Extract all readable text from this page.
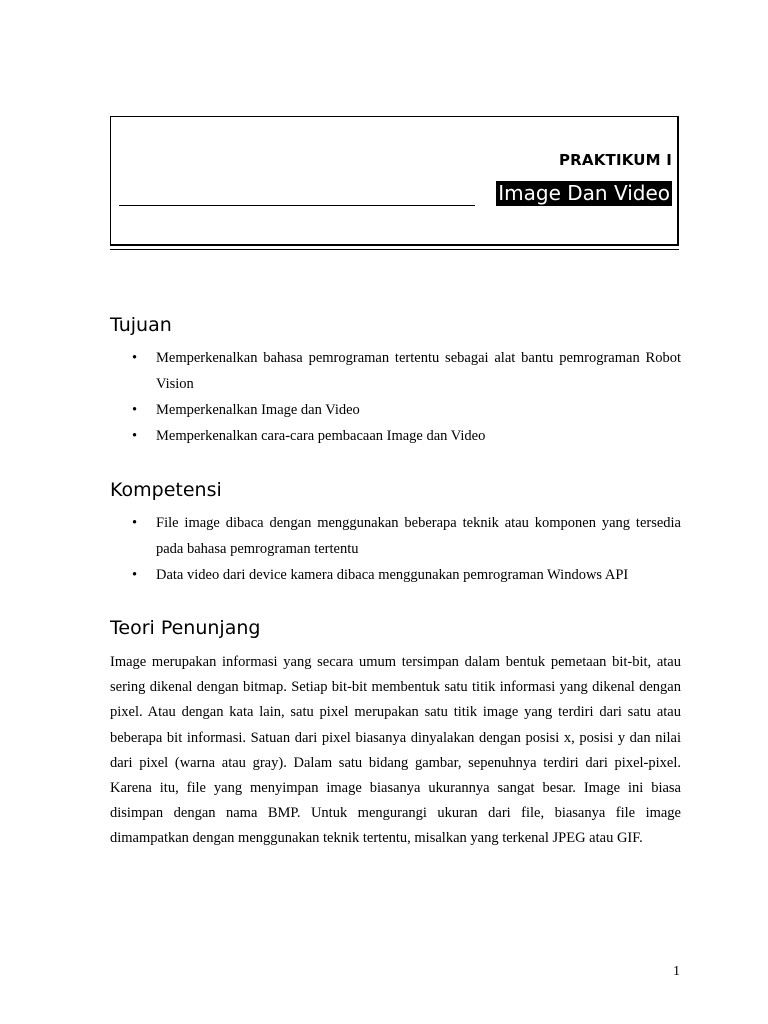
PRAKTIKUM I
Image Dan Video
Tujuan
• Memperkenalkan bahasa pemrograman tertentu sebagai alat bantu pemrograman Robot Vision
• Memperkenalkan Image dan Video
• Memperkenalkan cara-cara pembacaan Image dan Video
Kompetensi
• File image dibaca dengan menggunakan beberapa teknik atau komponen yang tersedia pada bahasa pemrograman tertentu
• Data video dari device kamera dibaca menggunakan pemrograman Windows API
Teori Penunjang

Image merupakan informasi yang secara umum tersimpan dalam bentuk pemetaan bit-bit, atau sering dikenal dengan bitmap. Setiap bit-bit membentuk satu titik informasi yang dikenal dengan pixel. Atau dengan kata lain, satu pixel merupakan satu titik image yang terdiri dari satu atau beberapa bit informasi. Satuan dari pixel biasanya dinyalakan dengan posisi x, posisi y dan nilai dari pixel (warna atau gray). Dalam satu bidang gambar, sepenuhnya terdiri dari pixel-pixel. Karena itu, file yang menyimpan image biasanya ukurannya sangat besar. Image ini biasa disimpan dengan nama BMP. Untuk mengurangi ukuran dari file, biasanya file image dimampatkan dengan menggunakan teknik tertentu, misalkan yang terkenal JPEG atau GIF.

1
